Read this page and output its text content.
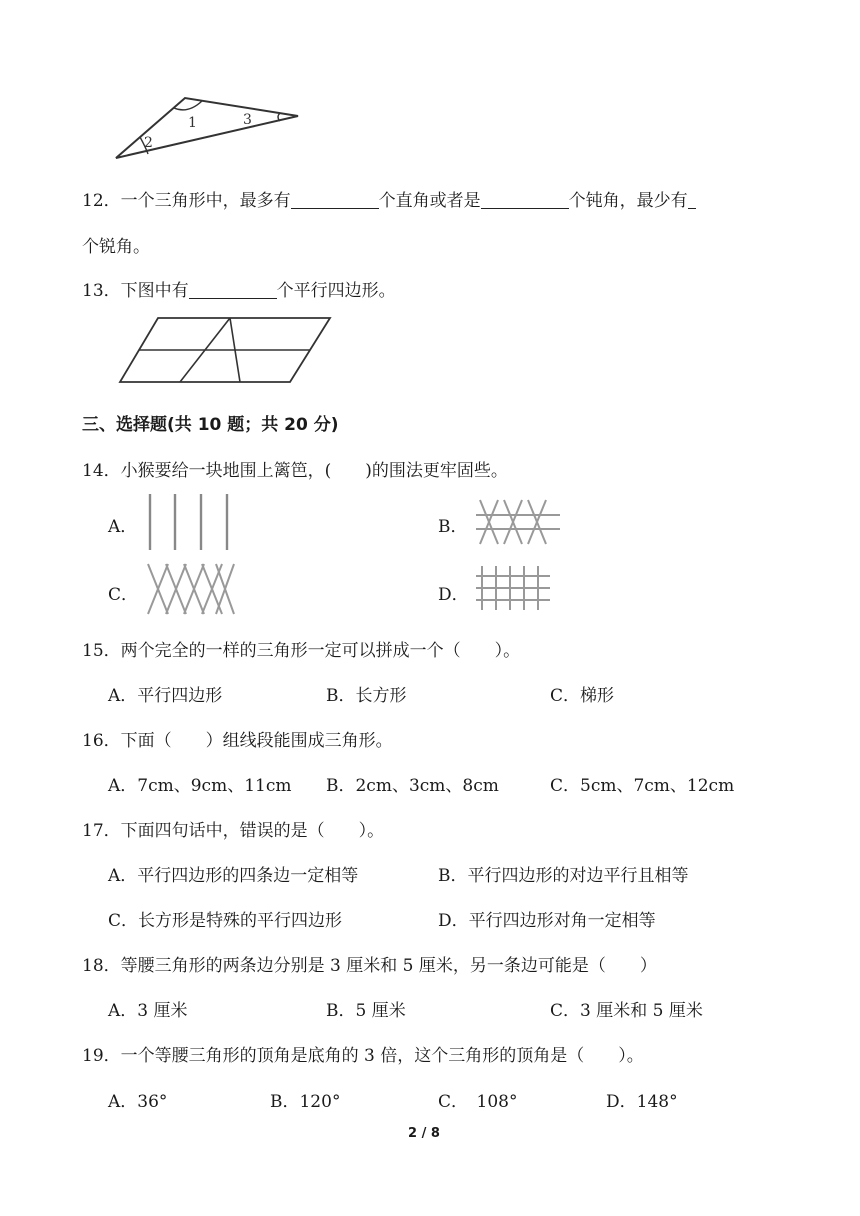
1
2
3
12．一个三角形中，最多有	个直角或者是	个钝角，最少有
个锐角。
13．下图中有	个平行四边形。
三、选择题(共 10 题；共 20 分)
14．小猴要给一块地围上篱笆，(　　)的围法更牢固些。
A．	B．
C．	D．
15．两个完全的一样的三角形一定可以拼成一个（　　）。
A．平行四边形	B．长方形	C．梯形
16．下面（　　）组线段能围成三角形。
A．7cm、9cm、11cm B．2cm、3cm、8cm	C．5cm、7cm、12cm
17．下面四句话中，错误的是（　　）。
A．平行四边形的四条边一定相等	B．平行四边形的对边平行且相等
C．长方形是特殊的平行四边形	D．平行四边形对角一定相等
18．等腰三角形的两条边分别是 3 厘米和 5 厘米，另一条边可能是（　　）
A．3 厘米	B．5 厘米	C．3 厘米和 5 厘米
19．一个等腰三角形的顶角是底角的 3 倍，这个三角形的顶角是（　　）。
A．36°	B．120°	C．　108°	D．148°
2 / 8
